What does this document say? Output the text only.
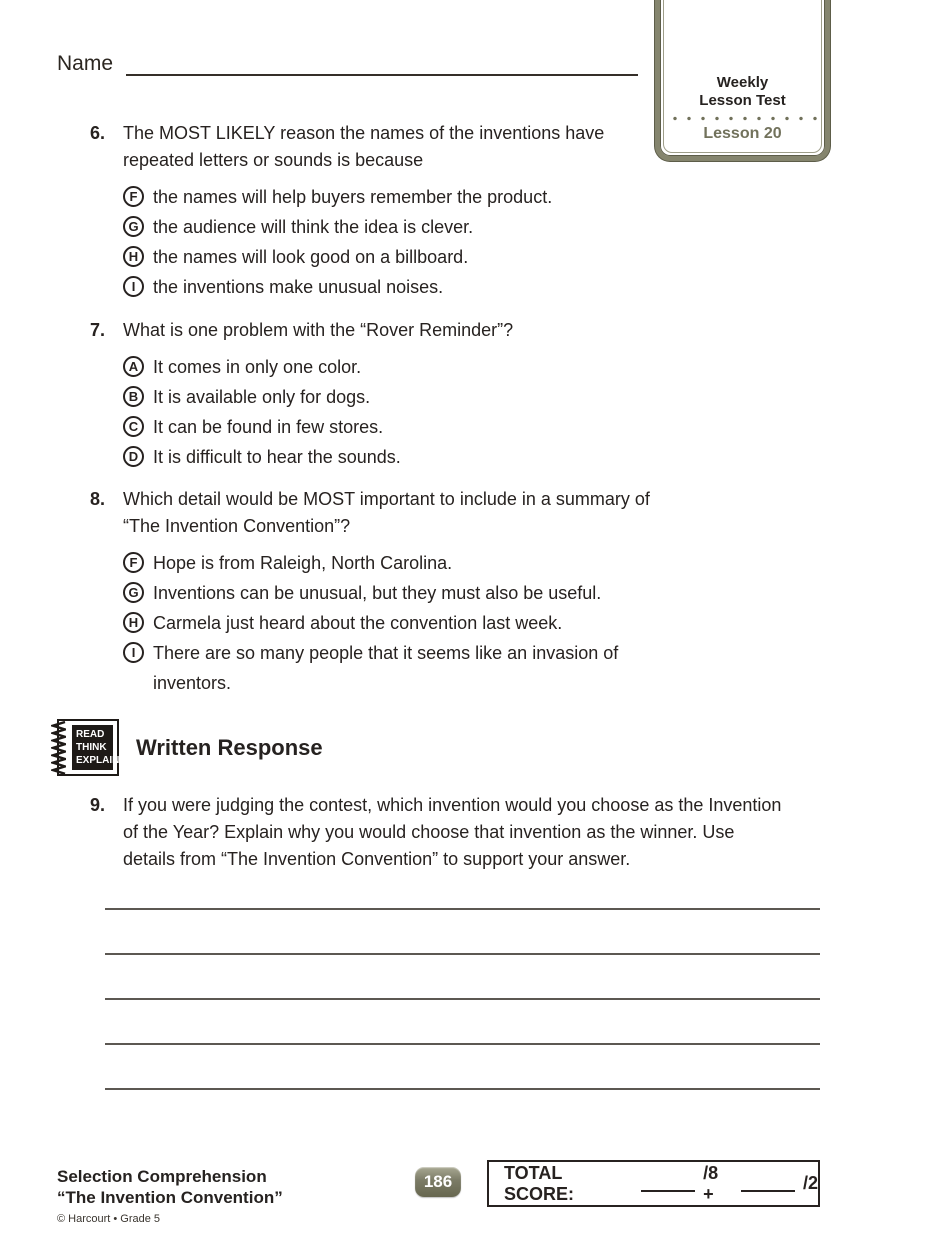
Name
Weekly
Lesson Test
Lesson 20
6. The MOST LIKELY reason the names of the inventions have repeated letters or sounds is because
F the names will help buyers remember the product.
G the audience will think the idea is clever.
H the names will look good on a billboard.
I the inventions make unusual noises.
7. What is one problem with the “Rover Reminder”?
A It comes in only one color.
B It is available only for dogs.
C It can be found in few stores.
D It is difficult to hear the sounds.
8. Which detail would be MOST important to include in a summary of “The Invention Convention”?
F Hope is from Raleigh, North Carolina.
G Inventions can be unusual, but they must also be useful.
H Carmela just heard about the convention last week.
I There are so many people that it seems like an invasion of inventors.
READ
THINK
EXPLAIN
Written Response
9. If you were judging the contest, which invention would you choose as the Invention of the Year? Explain why you would choose that invention as the winner. Use details from “The Invention Convention” to support your answer.
Selection Comprehension
“The Invention Convention”
© Harcourt • Grade 5
186	TOTAL SCORE:
/8 +
/2
